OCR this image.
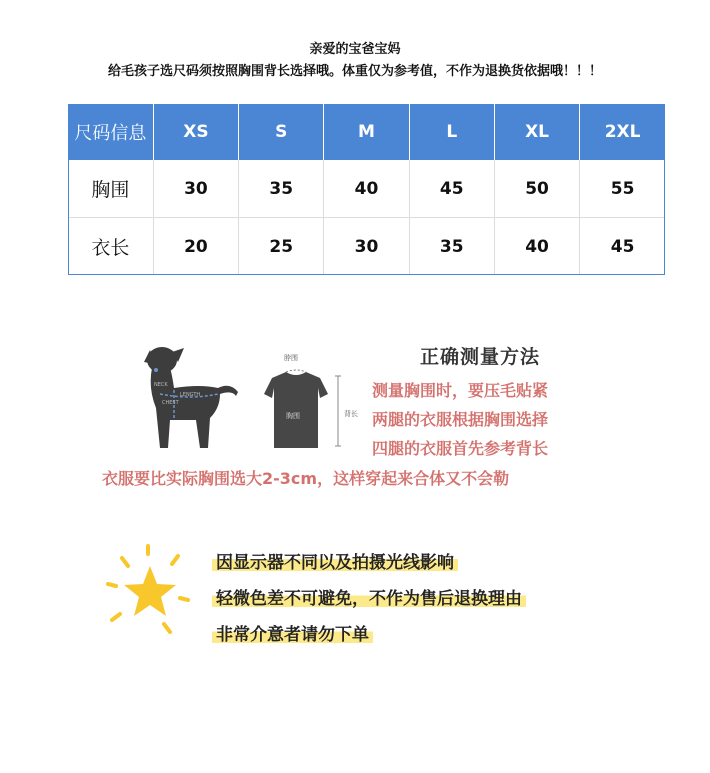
亲爱的宝爸宝妈
给毛孩子选尺码须按照胸围背长选择哦。体重仅为参考值，不作为退换货依据哦！！！
尺码信息	XS	S	M	L	XL	2XL
胸围	30	35	40	45	50	55
衣长	20	25	30	35	40	45
LENGTH
CHEST
NECK
脖围
胸围	背长
正确测量方法
测量胸围时，要压毛贴紧
两腿的衣服根据胸围选择
四腿的衣服首先参考背长
衣服要比实际胸围选大2-3cm，这样穿起来合体又不会勒
因显示器不同以及拍摄光线影响
轻微色差不可避免，不作为售后退换理由
非常介意者请勿下单
